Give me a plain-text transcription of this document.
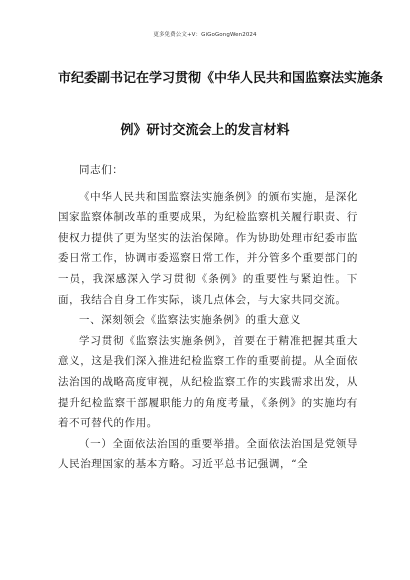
更多免费公文+V：GiGoGongWen2024
市纪委副书记在学习贯彻《中华人民共和国监察法实施条
例》研讨交流会上的发言材料

同志们：

《中华人民共和国监察法实施条例》的颁布实施，是深化国家监察体制改革的重要成果，为纪检监察机关履行职责、行使权力提供了更为坚实的法治保障。作为协助处理市纪委市监委日常工作，协调市委巡察日常工作，并分管多个重要部门的一员，我深感深入学习贯彻《条例》的重要性与紧迫性。下面，我结合自身工作实际，谈几点体会，与大家共同交流。

一、深刻领会《监察法实施条例》的重大意义

学习贯彻《监察法实施条例》，首要在于精准把握其重大意义，这是我们深入推进纪检监察工作的重要前提。从全面依法治国的战略高度审视，从纪检监察工作的实践需求出发，从提升纪检监察干部履职能力的角度考量，《条例》的实施均有着不可替代的作用。

（一）全面依法治国的重要举措。全面依法治国是党领导人民治理国家的基本方略。习近平总书记强调，“全
